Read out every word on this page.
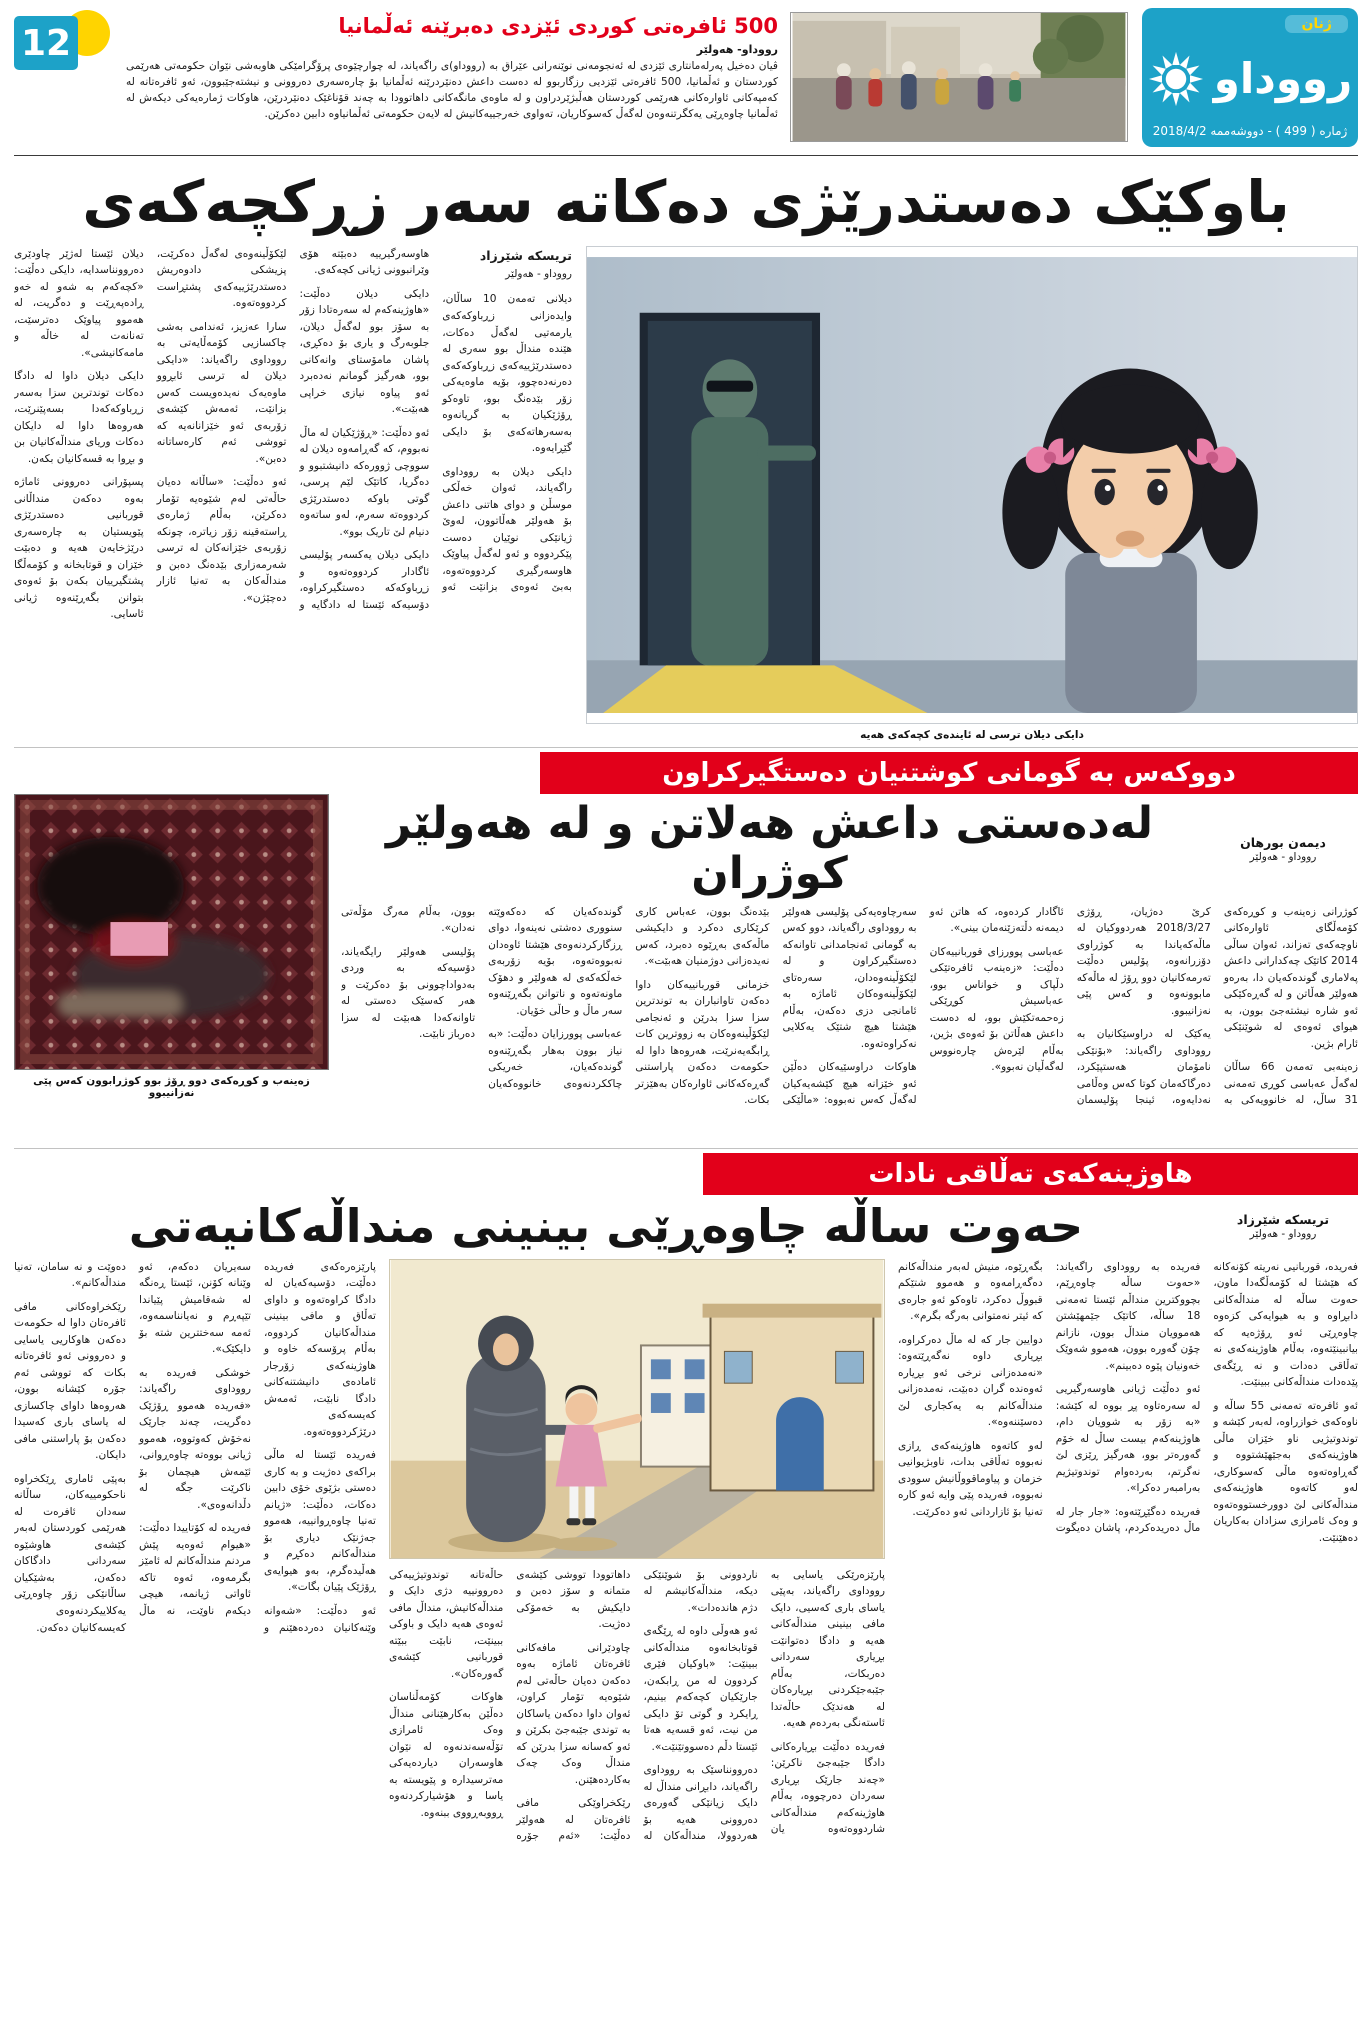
ژنان
رووداو
ژمارە ( 499 ) - دووشەممە 2018/4/2
500 ئافرەتی کوردی ئێزدی دەبرێنە ئەڵمانیا
رووداو- هەولێر

ڤیان دەخیل پەرلەمانتاری ئێزدی لە ئەنجومەنی نوێنەرانی عێراق بە (رووداو)ی راگەیاند، لە چوارچێوەی پرۆگرامێکی هاوبەشی نێوان حکومەتی هەرێمی کوردستان و ئەڵمانیا، 500 ئافرەتی ئێزدیی رزگاربوو لە دەست داعش دەنێردرێنە ئەڵمانیا بۆ چارەسەری دەروونی و نیشتەجێبوون، ئەو ئافرەتانە لە کەمپەکانی ئاوارەکانی هەرێمی کوردستان هەڵبژێردراون و لە ماوەی مانگەکانی داهاتوودا بە چەند قۆناغێک دەنێردرێن، هاوکات ژمارەیەکی دیکەش لە ئەڵمانیا چاوەڕێی یەکگرتنەوەن لەگەڵ کەسوکاریان، تەواوی خەرجییەکانیش لە لایەن حکومەتی ئەڵمانیاوە دابین دەکرێن.

12
باوکێک دەستدرێژی دەکاتە سەر زڕکچەکەی
دایکی دیلان ترسی لە ئایندەی کچەکەی هەیە
تریسکە شێرزاد
رووداو - هەولێر

دیلانی تەمەن 10 ساڵان، وایدەزانی زڕباوکەکەی یارمەتیی لەگەڵ دەکات، هێندە منداڵ بوو سەری لە دەستدرێژییەکەی زڕباوکەکەی دەرنەدەچوو، بۆیە ماوەیەکی زۆر بێدەنگ بوو، تاوەکو ڕۆژێکیان بە گریانەوە بەسەرهاتەکەی بۆ دایکی گێڕایەوە.

دایکی دیلان بە رووداوی راگەیاند، ئەوان خەڵکی موسڵن و دوای هاتنی داعش بۆ هەولێر هەڵاتوون، لەوێ ژیانێکی نوێیان دەست پێکردووە و ئەو لەگەڵ پیاوێک هاوسەرگیری کردووەتەوە، بەبێ ئەوەی بزانێت ئەو هاوسەرگیرییە دەبێتە هۆی وێرانبوونی ژیانی کچەکەی.

دایکی دیلان دەڵێت: «هاوژینەکەم لە سەرەتادا زۆر بە سۆز بوو لەگەڵ دیلان، جلوبەرگ و یاری بۆ دەکڕی، پاشان مامۆستای وانەکانی بوو، هەرگیز گومانم نەدەبرد ئەو پیاوە نیازی خراپی هەبێت».

ئەو دەڵێت: «ڕۆژێکیان لە ماڵ نەبووم، کە گەڕامەوە دیلان لە سووچی ژوورەکە دانیشتبوو و دەگریا، کاتێک لێم پرسی، گوتی باوکە دەستدرێژی کردووەتە سەرم، لەو ساتەوە دنیام لێ تاریک بوو».

دایکی دیلان یەکسەر پۆلیسی ئاگادار کردووەتەوە و زڕباوکەکە دەستگیرکراوە، دۆسیەکە ئێستا لە دادگایە و لێکۆڵینەوەی لەگەڵ دەکرێت، پزیشکی دادوەریش دەستدرێژییەکەی پشتڕاست کردووەتەوە.

سارا عەزیز، ئەندامی بەشی چاکسازیی کۆمەڵایەتی بە رووداوی راگەیاند: «دایکی دیلان لە ترسی ئابڕوو ماوەیەک نەیدەویست کەس بزانێت، ئەمەش کێشەی زۆربەی ئەو خێزانانەیە کە تووشی ئەم کارەساتانە دەبن».

ئەو دەڵێت: «ساڵانە دەیان حاڵەتی لەم شێوەیە تۆمار دەکرێن، بەڵام ژمارەی ڕاستەقینە زۆر زیاترە، چونکە زۆربەی خێزانەکان لە ترسی شەرمەزاری بێدەنگ دەبن و منداڵەکان بە تەنیا ئازار دەچێژن».

دیلان ئێستا لەژێر چاودێری دەروونناسدایە، دایکی دەڵێت: «کچەکەم بە شەو لە خەو ڕادەپەڕێت و دەگریت، لە هەموو پیاوێک دەترسێت، تەنانەت لە خاڵە و مامەکانیشی».

دایکی دیلان داوا لە دادگا دەکات توندترین سزا بەسەر زڕباوکەکەدا بسەپێنرێت، هەروەها داوا لە دایکان دەکات وریای منداڵەکانیان بن و بڕوا بە قسەکانیان بکەن.

پسپۆرانی دەروونی ئاماژە بەوە دەکەن منداڵانی قوربانیی دەستدرێژی پێویستیان بە چارەسەری درێژخایەن هەیە و دەبێت خێزان و قوتابخانە و کۆمەڵگا پشتگیرییان بکەن بۆ ئەوەی بتوانن بگەڕێنەوە ژیانی ئاسایی.

دووکەس بە گومانی کوشتنیان دەستگیرکراون
دیمەن بورهان
رووداو - هەولێر
لەدەستی داعش هەلاتن و لە هەولێر کوژران

کوژرانی زەینەب و کوڕەکەی کۆمەڵگای ئاوارەکانی ناوچەکەی تەزاند، ئەوان ساڵی 2014 کاتێک چەکدارانی داعش پەلاماری گوندەکەیان دا، بەرەو هەولێر هەڵاتن و لە گەڕەکێکی ئەو شارە نیشتەجێ بوون، بە هیوای ئەوەی لە شوێنێکی ئارام بژین.

زەینەبی تەمەن 66 ساڵان لەگەڵ عەباسی کوڕی تەمەنی 31 ساڵ، لە خانوویەکی بە کرێ دەژیان، ڕۆژی 2018/3/27 هەردووکیان لە ماڵەکەیاندا بە کوژراوی دۆزرانەوە، پۆلیس دەڵێت تەرمەکانیان دوو ڕۆژ لە ماڵەکە مابوونەوە و کەس پێی نەزانیبوو.

یەکێک لە دراوسێکانیان بە رووداوی راگەیاند: «بۆنێکی نامۆمان هەستپێکرد، دەرگاکەمان کوتا کەس وەڵامی نەدایەوە، ئینجا پۆلیسمان ئاگادار کردەوە، کە هاتن ئەو دیمەنە دڵتەزێنەمان بینی».

عەباسی پوورزای قوربانییەکان دەڵێت: «زەینەب ئافرەتێکی دڵپاک و خواناس بوو، عەباسیش کوڕێکی زەحمەتکێش بوو، لە دەست داعش هەڵاتن بۆ ئەوەی بژین، بەڵام لێرەش چارەنووس لەگەڵیان نەبوو».

سەرچاوەیەکی پۆلیسی هەولێر بە رووداوی راگەیاند، دوو کەس بە گومانی ئەنجامدانی تاوانەکە دەستگیرکراون و لە لێکۆڵینەوەدان، سەرەتای لێکۆڵینەوەکان ئاماژە بە ئامانجی دزی دەکەن، بەڵام هێشتا هیچ شتێک یەکلایی نەکراوەتەوە.

هاوکات دراوسێیەکان دەڵێن ئەو خێزانە هیچ کێشەیەکیان لەگەڵ کەس نەبووە: «ماڵێکی بێدەنگ بوون، عەباس کاری کرێکاری دەکرد و دایکیشی ماڵەکەی بەڕێوە دەبرد، کەس نەیدەزانی دوژمنیان هەبێت».

خزمانی قوربانییەکان داوا دەکەن تاوانباران بە توندترین سزا سزا بدرێن و ئەنجامی لێکۆڵینەوەکان بە زووترین کات ڕابگەیەنرێت، هەروەها داوا لە حکومەت دەکەن پاراستنی گەڕەکەکانی ئاوارەکان بەهێزتر بکات.

گوندەکەیان کە دەکەوێتە سنووری دەشتی نەینەوا، دوای ڕزگارکردنەوەی هێشتا ئاوەدان نەبووەتەوە، بۆیە زۆربەی خەڵکەکەی لە هەولێر و دهۆک ماونەتەوە و ناتوانن بگەڕێنەوە سەر ماڵ و حاڵی خۆیان.

عەباسی پوورزایان دەڵێت: «بە نیاز بوون بەهار بگەڕێنەوە گوندەکەیان، خەریکی چاککردنەوەی خانووەکەیان بوون، بەڵام مەرگ مۆڵەتی نەدان».

پۆلیسی هەولێر رایگەیاند، دۆسیەکە بە وردی بەدواداچوونی بۆ دەکرێت و هەر کەسێک دەستی لە تاوانەکەدا هەبێت لە سزا دەرباز نابێت.

زەینەب و کوڕەکەی دوو ڕۆژ بوو کوژرابوون کەس پێی نەزانیبوو
هاوژینەکەی تەڵاقی نادات
تریسکە شێرزاد
رووداو - هەولێر
حەوت ساڵە چاوەڕێی بینینی منداڵەکانیەتی

فەریدە، قوربانیی نەریتە کۆنەکانە کە هێشتا لە کۆمەڵگەدا ماون، حەوت ساڵە لە منداڵەکانی دابڕاوە و بە هیوایەکی کزەوە چاوەڕێی ئەو ڕۆژەیە کە بیانبینێتەوە، بەڵام هاوژینەکەی نە تەڵاقی دەدات و نە ڕێگەی پێدەدات منداڵەکانی ببینێت.

ئەو ئافرەتە تەمەنی 55 ساڵە و ناوەکەی خوازراوە، لەبەر کێشە و توندوتیژیی ناو خێزان ماڵی هاوژینەکەی بەجێهێشتووە و گەڕاوەتەوە ماڵی کەسوکاری، لەو کاتەوە هاوژینەکەی منداڵەکانی لێ دوورخستووەتەوە و وەک ئامرازی سزادان بەکاریان دەهێنێت.

فەریدە بە رووداوی راگەیاند: «حەوت ساڵە چاوەڕێم، بچووکترین منداڵم ئێستا تەمەنی 18 ساڵە، کاتێک جێمهێشتن هەموویان منداڵ بوون، نازانم چۆن گەورە بوون، هەموو شەوێک خەونیان پێوە دەبینم».

ئەو دەڵێت ژیانی هاوسەرگیریی لە سەرەتاوە پڕ بووە لە کێشە: «بە زۆر بە شوویان دام، هاوژینەکەم بیست ساڵ لە خۆم گەورەتر بوو، هەرگیز ڕێزی لێ نەگرتم، بەردەوام توندوتیژیم بەرامبەر دەکرا».

فەریدە دەگێڕێتەوە: «جار جار لە ماڵ دەریدەکردم، پاشان دەیگوت بگەڕێوە، منیش لەبەر منداڵەکانم دەگەڕامەوە و هەموو شتێکم قبووڵ دەکرد، تاوەکو ئەو جارەی کە ئیتر نەمتوانی بەرگە بگرم».

دوایین جار کە لە ماڵ دەرکراوە، بڕیاری داوە نەگەڕێتەوە: «نەمدەزانی نرخی ئەو بڕیارە ئەوەندە گران دەبێت، نەمدەزانی منداڵەکانم بە یەکجاری لێ دەسێننەوە».

لەو کاتەوە هاوژینەکەی ڕازی نەبووە تەڵاقی بدات، ناوبژیوانیی خزمان و پیاوماقووڵانیش سوودی نەبووە، فەریدە پێی وایە ئەو کارە تەنیا بۆ ئازاردانی ئەو دەکرێت.

پارێزەرێکی یاسایی بە رووداوی راگەیاند، بەپێی یاسای باری کەسیی، دایک مافی بینینی منداڵەکانی هەیە و دادگا دەتوانێت بڕیاری سەردانی دەربکات، بەڵام جێبەجێکردنی بڕیارەکان لە هەندێک حاڵەتدا ئاستەنگی بەردەم هەیە.

فەریدە دەڵێت بڕیارەکانی دادگا جێبەجێ ناکرێن: «چەند جارێک بڕیاری سەردان دەرچووە، بەڵام هاوژینەکەم منداڵەکانی شاردووەتەوە یان ناردوونی بۆ شوێنێکی دیکە، منداڵەکانیشم لە دژم هاندەدات».

ئەو هەوڵی داوە لە ڕێگەی قوتابخانەوە منداڵەکانی ببینێت: «باوکیان فێری کردوون لە من ڕابکەن، جارێکیان کچەکەم بینیم، ڕایکرد و گوتی تۆ دایکی من نیت، ئەو قسەیە هەتا ئێستا دڵم دەسووتێنێت».

دەروونناسێک بە رووداوی راگەیاند، دابڕانی منداڵ لە دایک زیانێکی گەورەی دەروونی هەیە بۆ هەردوولا، منداڵەکان لە داهاتوودا تووشی کێشەی متمانە و سۆز دەبن و دایکیش بە خەمۆکی دەژیت.

چاودێرانی مافەکانی ئافرەتان ئاماژە بەوە دەکەن دەیان حاڵەتی لەم شێوەیە تۆمار کراون، ئەوان داوا دەکەن یاساکان بە توندی جێبەجێ بکرێن و ئەو کەسانە سزا بدرێن کە منداڵ وەک چەک بەکاردەهێنن.

رێکخراوێکی مافی ئافرەتان لە هەولێر دەڵێت: «ئەم جۆرە حاڵەتانە توندوتیژییەکی دەروونییە دژی دایک و منداڵەکانیش، منداڵ مافی ئەوەی هەیە دایک و باوکی ببینێت، نابێت ببێتە قوربانیی کێشەی گەورەکان».

هاوکات کۆمەڵناسان دەڵێن بەکارهێنانی منداڵ وەک ئامرازی تۆڵەسەندنەوە لە نێوان هاوسەران دیاردەیەکی مەترسیدارە و پێویستە بە یاسا و هۆشیارکردنەوە ڕووبەڕووی ببنەوە.

پارێزەرەکەی فەریدە دەڵێت، دۆسیەکەیان لە دادگا کراوەتەوە و داوای تەڵاق و مافی بینینی منداڵەکانیان کردووە، بەڵام پرۆسەکە خاوە و هاوژینەکەی زۆرجار ئامادەی دانیشتنەکانی دادگا نابێت، ئەمەش کەیسەکەی درێژکردووەتەوە.

فەریدە ئێستا لە ماڵی براکەی دەژیت و بە کاری دەستی بژێوی خۆی دابین دەکات، دەڵێت: «ژیانم تەنیا چاوەڕوانییە، هەموو جەژنێک دیاری بۆ منداڵەکانم دەکڕم و هەڵیدەگرم، بەو هیوایەی ڕۆژێک پێیان بگات».

ئەو دەڵێت: «شەوانە وێنەکانیان دەردەهێنم و سەیریان دەکەم، ئەو وێنانە کۆنن، ئێستا ڕەنگە لە شەقامیش پێیاندا تێپەڕم و نەیانناسمەوە، ئەمە سەختترین شتە بۆ دایکێک».

خوشکی فەریدە بە رووداوی راگەیاند: «فەریدە هەموو ڕۆژێک دەگریت، چەند جارێک نەخۆش کەوتووە، هەموو ژیانی بووەتە چاوەڕوانی، ئێمەش هیچمان بۆ ناکرێت جگە لە دڵدانەوەی».

فەریدە لە کۆتاییدا دەڵێت: «هیوام ئەوەیە پێش مردنم منداڵەکانم لە ئامێز بگرمەوە، ئەوە تاکە ئاواتی ژیانمە، هیچی دیکەم ناوێت، نە ماڵ دەوێت و نە سامان، تەنیا منداڵەکانم».

رێکخراوەکانی مافی ئافرەتان داوا لە حکومەت دەکەن هاوکاریی یاسایی و دەروونی ئەو ئافرەتانە بکات کە تووشی ئەم جۆرە کێشانە بوون، هەروەها داوای چاکسازی لە یاسای باری کەسیدا دەکەن بۆ پاراستنی مافی دایکان.

بەپێی ئاماری ڕێکخراوە ناحکومییەکان، ساڵانە سەدان ئافرەت لە هەرێمی کوردستان لەبەر کێشەی هاوشێوە سەردانی دادگاکان دەکەن، بەشێکیان ساڵانێکی زۆر چاوەڕێی یەکلاییکردنەوەی کەیسەکانیان دەکەن.
